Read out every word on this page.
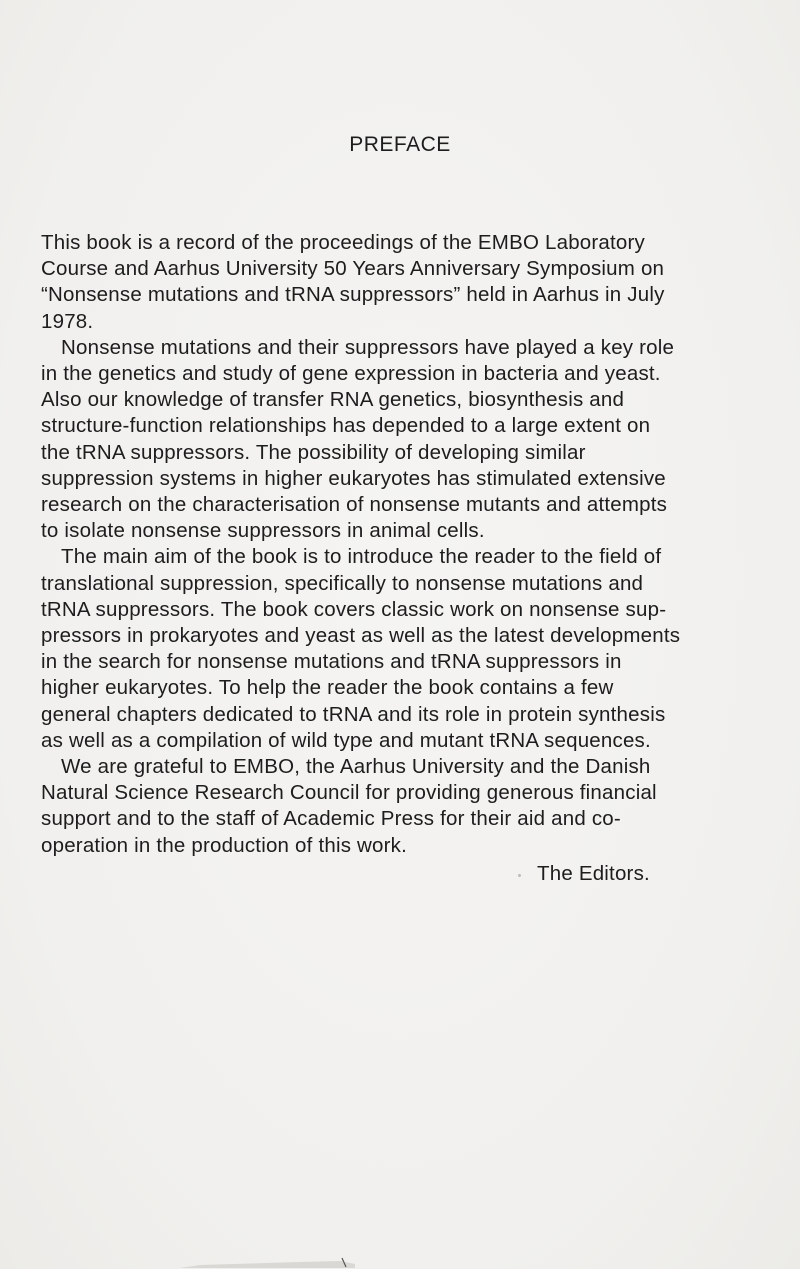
PREFACE

This book is a record of the proceedings of the EMBO Laboratory Course and Aarhus University 50 Years Anniversary Symposium on “Nonsense mutations and tRNA suppressors” held in Aarhus in July 1978.

Nonsense mutations and their suppressors have played a key role in the genetics and study of gene expression in bacteria and yeast. Also our knowledge of transfer RNA genetics, biosynthesis and structure-function relationships has depended to a large extent on the tRNA suppressors. The possibility of developing similar suppression systems in higher eukaryotes has stimulated extensive research on the characterisation of nonsense mutants and attempts to isolate nonsense suppressors in animal cells.

The main aim of the book is to introduce the reader to the field of translational suppression, specifically to nonsense mutations and tRNA suppressors. The book covers classic work on nonsense suppressors in prokaryotes and yeast as well as the latest developments in the search for nonsense mutations and tRNA suppressors in higher eukaryotes. To help the reader the book contains a few general chapters dedicated to tRNA and its role in protein synthesis as well as a compilation of wild type and mutant tRNA sequences.

We are grateful to EMBO, the Aarhus University and the Danish Natural Science Research Council for providing generous financial support and to the staff of Academic Press for their aid and cooperation in the production of this work.

The Editors.
